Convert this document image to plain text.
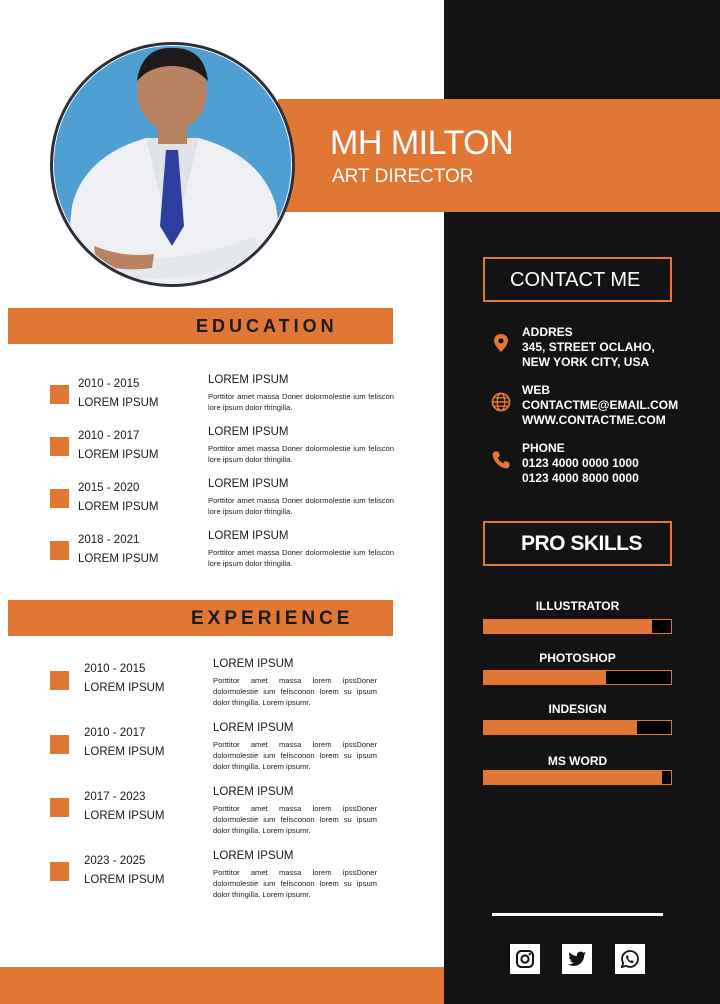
MH MILTON
ART DIRECTOR
EDUCATION
2010 - 2015
LOREM IPSUM
LOREM IPSUM
Porttitor amet massa Doner dolormolestie ium feliscon lore ipsum dolor tfringilla.
2010 - 2017
LOREM IPSUM
LOREM IPSUM
Porttitor amet massa Doner dolormolestie ium feliscon lore ipsum dolor tfringilla.
2015 - 2020
LOREM IPSUM
LOREM IPSUM
Porttitor amet massa Doner dolormolestie ium feliscon lore ipsum dolor tfringilla.
2018 - 2021
LOREM IPSUM
LOREM IPSUM
Porttitor amet massa Doner dolormolestie ium feliscon lore ipsum dolor tfringilla.
EXPERIENCE
2010 - 2015
LOREM IPSUM
LOREM IPSUM
Porttitor amet massa lorem ipssDoner dolormolestie ium felisconon lorem su ipsum dolor tfringilla. Lorem ipsumr.
2010 - 2017
LOREM IPSUM
LOREM IPSUM
Porttitor amet massa lorem ipssDoner dolormolestie ium felisconon lorem su ipsum dolor tfringilla. Lorem ipsumr.
2017 - 2023
LOREM IPSUM
LOREM IPSUM
Porttitor amet massa lorem ipssDoner dolormolestie ium felisconon lorem su ipsum dolor tfringilla. Lorem ipsumr.
2023 - 2025
LOREM IPSUM
LOREM IPSUM
Porttitor amet massa lorem ipssDoner dolormolestie ium felisconon lorem su ipsum dolor tfringilla. Lorem ipsumr.
CONTACT ME
ADDRES
345, STREET OCLAHO,
NEW YORK CITY, USA
WEB
CONTACTME@EMAIL.COM
WWW.CONTACTME.COM
PHONE
0123 4000 0000 1000
0123 4000 8000 0000
PRO SKILLS
ILLUSTRATOR
PHOTOSHOP
INDESIGN
MS WORD
